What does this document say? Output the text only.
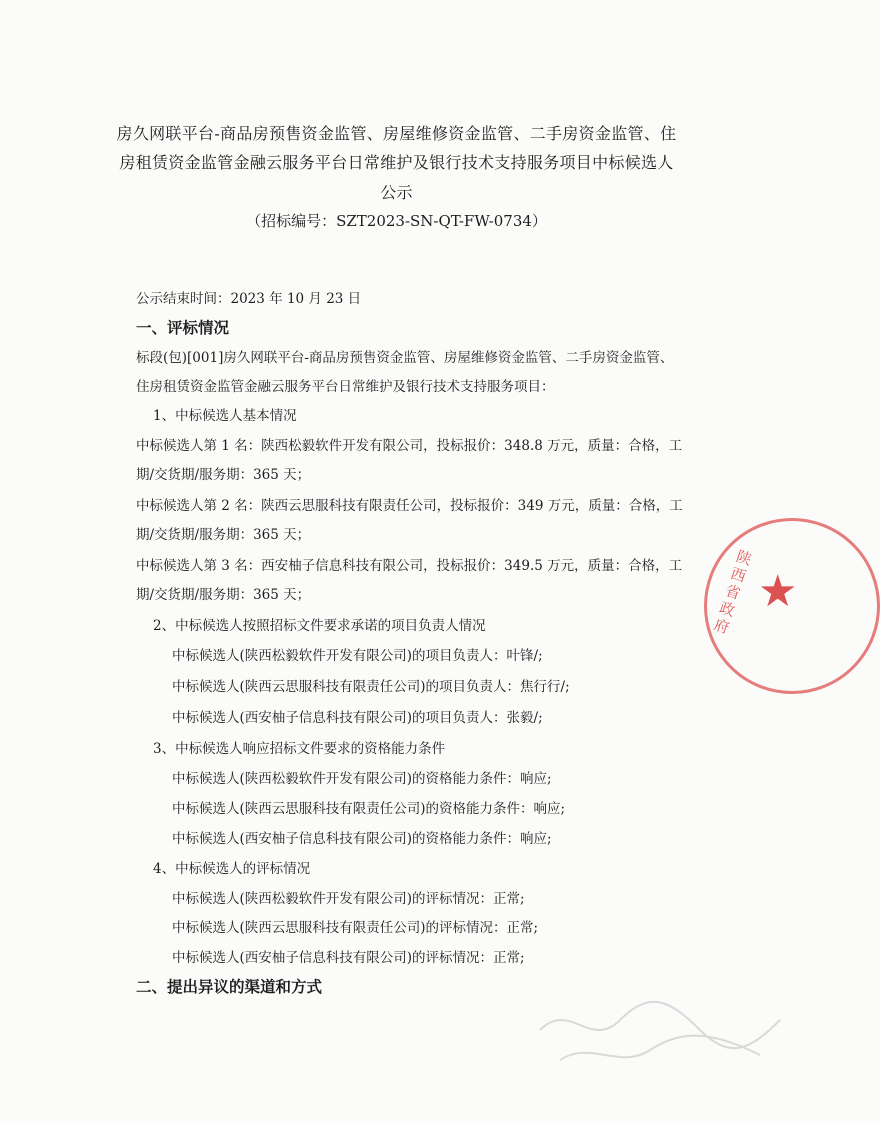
房久网联平台-商品房预售资金监管、房屋维修资金监管、二手房资金监管、住
房租赁资金监管金融云服务平台日常维护及银行技术支持服务项目中标候选人
公示
（招标编号：SZT2023-SN-QT-FW-0734）
公示结束时间：2023 年 10 月 23 日
一、评标情况
标段(包)[001]房久网联平台-商品房预售资金监管、房屋维修资金监管、二手房资金监管、
住房租赁资金监管金融云服务平台日常维护及银行技术支持服务项目：
1、中标候选人基本情况
中标候选人第 1 名：陕西松毅软件开发有限公司，投标报价：348.8 万元，质量：合格，工
期/交货期/服务期：365 天；
中标候选人第 2 名：陕西云思服科技有限责任公司，投标报价：349 万元，质量：合格，工
期/交货期/服务期：365 天；
中标候选人第 3 名：西安柚子信息科技有限公司，投标报价：349.5 万元，质量：合格，工
期/交货期/服务期：365 天；
2、中标候选人按照招标文件要求承诺的项目负责人情况
中标候选人(陕西松毅软件开发有限公司)的项目负责人：叶锋/;
中标候选人(陕西云思服科技有限责任公司)的项目负责人：焦行行/;
中标候选人(西安柚子信息科技有限公司)的项目负责人：张毅/;
3、中标候选人响应招标文件要求的资格能力条件
中标候选人(陕西松毅软件开发有限公司)的资格能力条件：响应;
中标候选人(陕西云思服科技有限责任公司)的资格能力条件：响应;
中标候选人(西安柚子信息科技有限公司)的资格能力条件：响应;
4、中标候选人的评标情况
中标候选人(陕西松毅软件开发有限公司)的评标情况：正常;
中标候选人(陕西云思服科技有限责任公司)的评标情况：正常;
中标候选人(西安柚子信息科技有限公司)的评标情况：正常;
二、提出异议的渠道和方式
陕西省政府 ★
